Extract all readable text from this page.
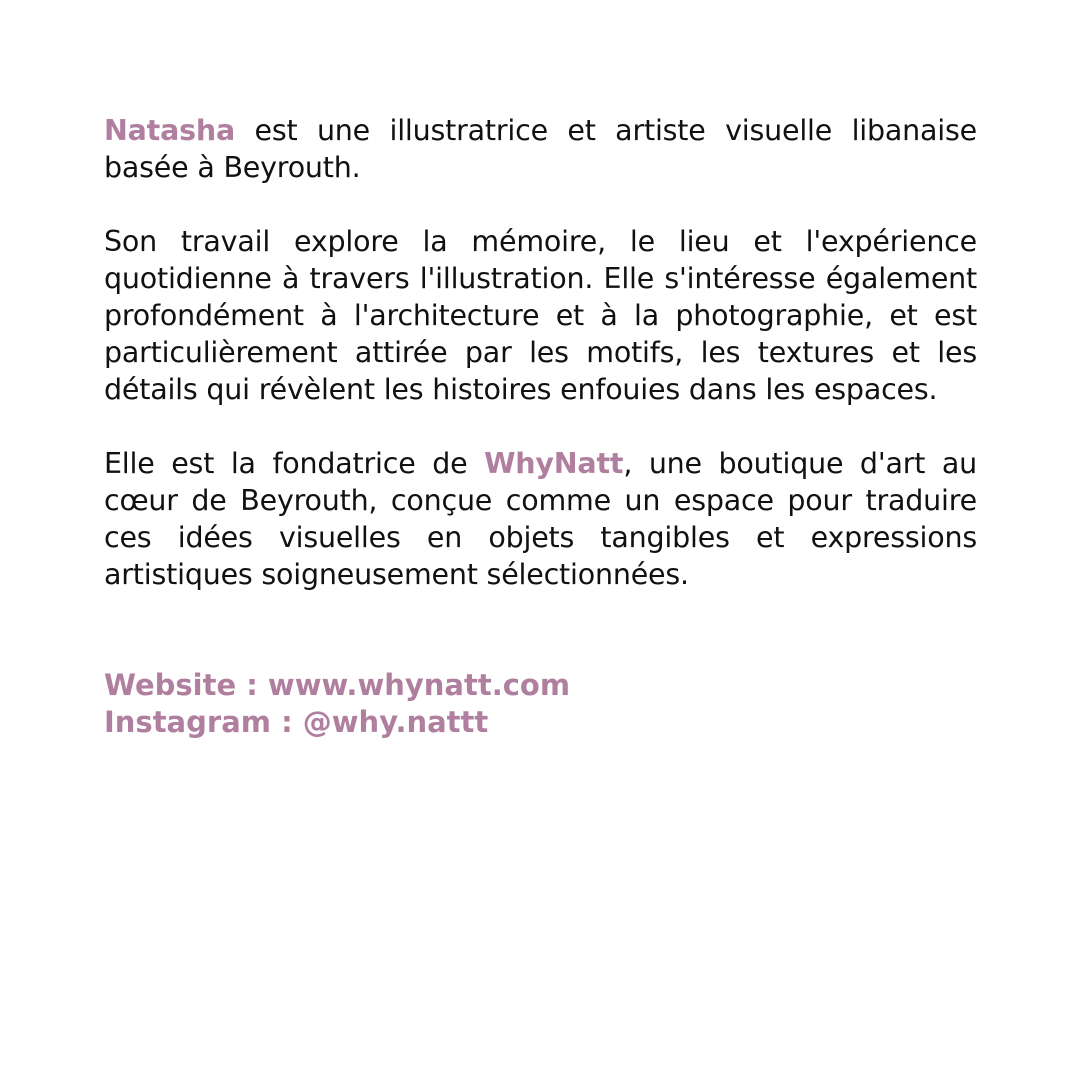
Natasha est une illustratrice et artiste visuelle libanaise basée à Beyrouth.

Son travail explore la mémoire, le lieu et l'expérience quotidienne à travers l'illustration. Elle s'intéresse également profondément à l'architecture et à la photographie, et est particulièrement attirée par les motifs, les textures et les détails qui révèlent les histoires enfouies dans les espaces.

Elle est la fondatrice de WhyNatt, une boutique d'art au cœur de Beyrouth, conçue comme un espace pour traduire ces idées visuelles en objets tangibles et expressions artistiques soigneusement sélectionnées.

Website : www.whynatt.com
Instagram : @why.nattt
